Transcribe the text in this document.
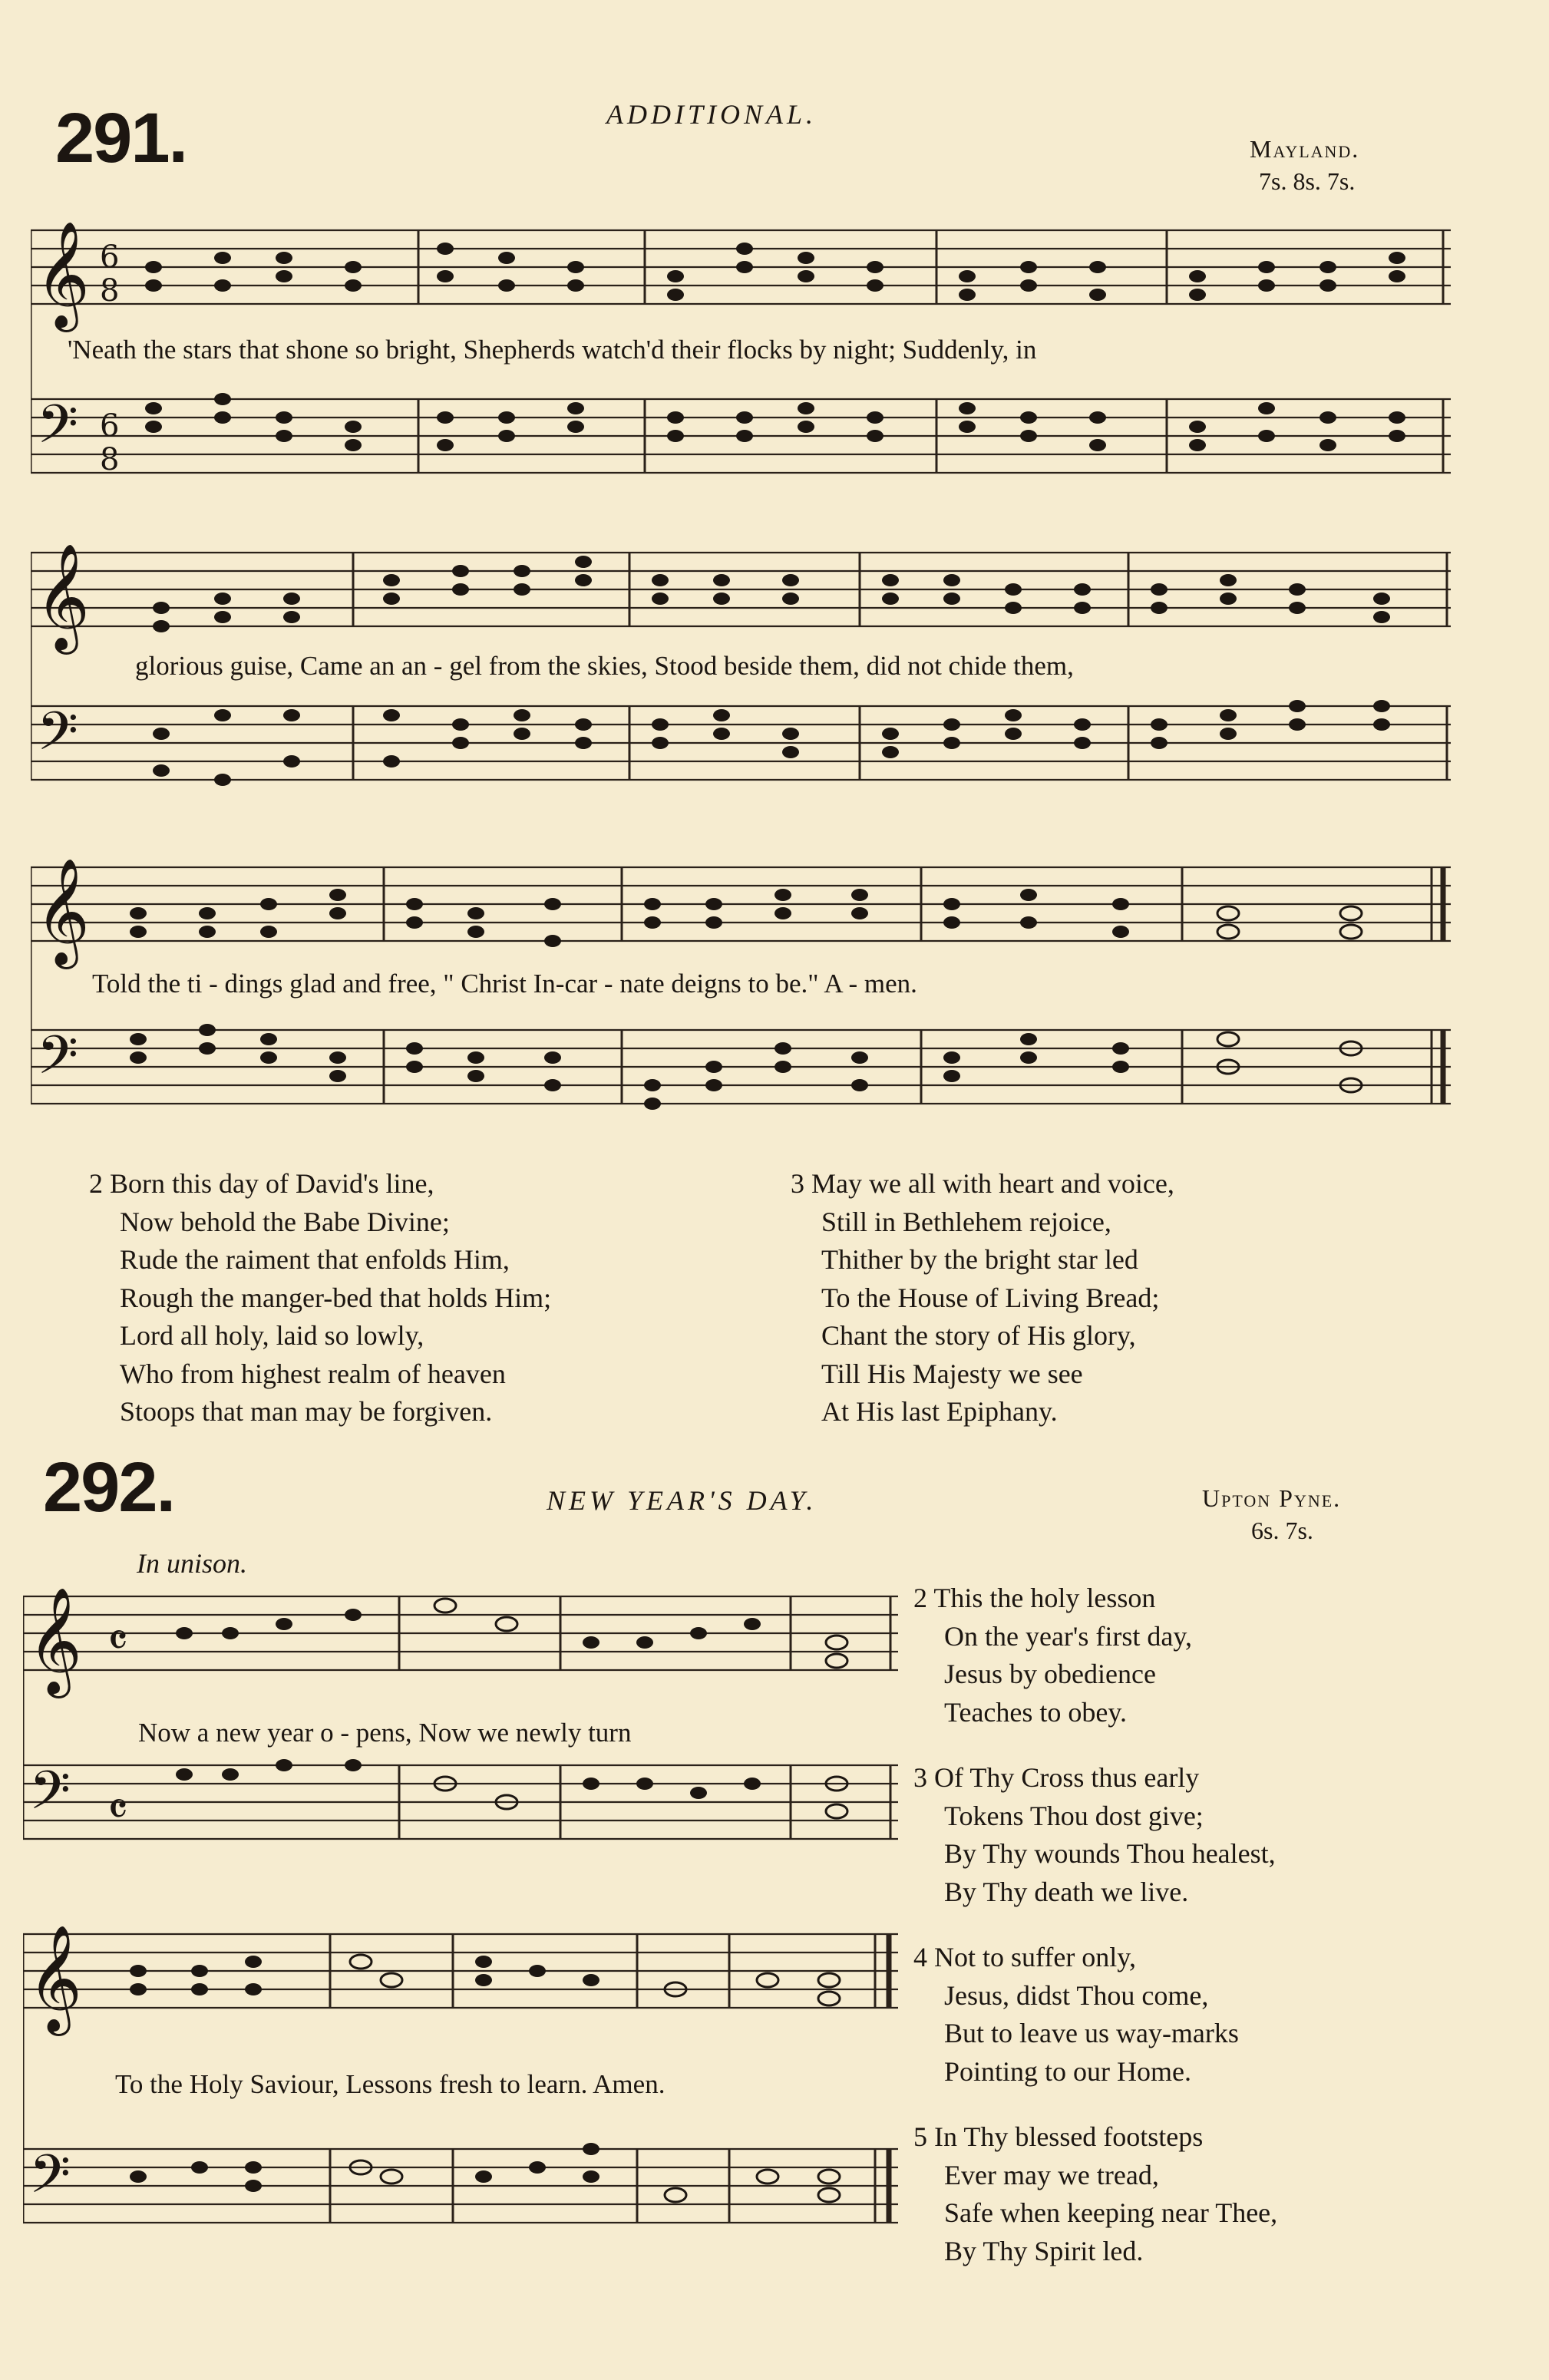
291.	ADDITIONAL.
Mayland.
7s. 8s. 7s.
𝄞
𝄢
6
8
6
8
'Neath the stars that shone so bright, Shepherds watch'd their flocks by night; Suddenly, in
𝄞
𝄢
glorious guise, Came an an - gel from the skies, Stood beside them, did not chide them,
𝄞
𝄢
Told the ti - dings glad and free, " Christ In-car - nate deigns to be." A - men.
2 Born this day of David's line,
Now behold the Babe Divine;
Rude the raiment that enfolds Him,
Rough the manger-bed that holds Him;
Lord all holy, laid so lowly,
Who from highest realm of heaven
Stoops that man may be forgiven.
3 May we all with heart and voice,
Still in Bethlehem rejoice,
Thither by the bright star led
To the House of Living Bread;
Chant the story of His glory,
Till His Majesty we see
At His last Epiphany.
292.	NEW YEAR'S DAY.	Upton Pyne.
6s. 7s.
In unison.
𝄞
𝄢
𝄴
𝄴
Now a new year o - pens, Now we newly turn
𝄞
𝄢
To the Holy Saviour, Lessons fresh to learn. Amen.
2 This the holy lesson
On the year's first day,
Jesus by obedience
Teaches to obey.
3 Of Thy Cross thus early
Tokens Thou dost give;
By Thy wounds Thou healest,
By Thy death we live.
4 Not to suffer only,
Jesus, didst Thou come,
But to leave us way-marks
Pointing to our Home.
5 In Thy blessed footsteps
Ever may we tread,
Safe when keeping near Thee,
By Thy Spirit led.
